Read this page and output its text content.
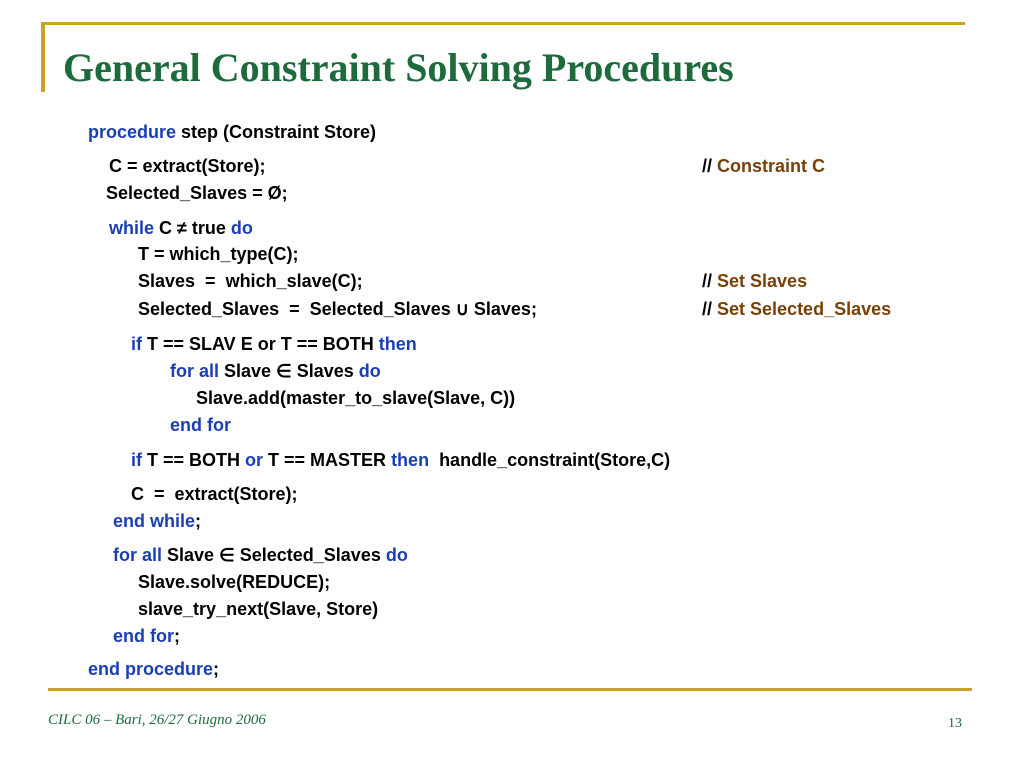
General Constraint Solving Procedures
procedure step (Constraint Store)
C = extract(Store);	// Constraint C
Selected_Slaves = Ø;
while C ≠ true do
T = which_type(C);
Slaves  =  which_slave(C);	// Set Slaves
Selected_Slaves  =  Selected_Slaves ∪ Slaves;	// Set Selected_Slaves
if T == SLAV E or T == BOTH then
for all Slave ∈ Slaves do
Slave.add(master_to_slave(Slave, C))
end for
if T == BOTH or T == MASTER then  handle_constraint(Store,C)
C  =  extract(Store);
end while;
for all Slave ∈ Selected_Slaves do
Slave.solve(REDUCE);
slave_try_next(Slave, Store)
end for;
end procedure;
CILC 06 – Bari, 26/27 Giugno 2006	13
